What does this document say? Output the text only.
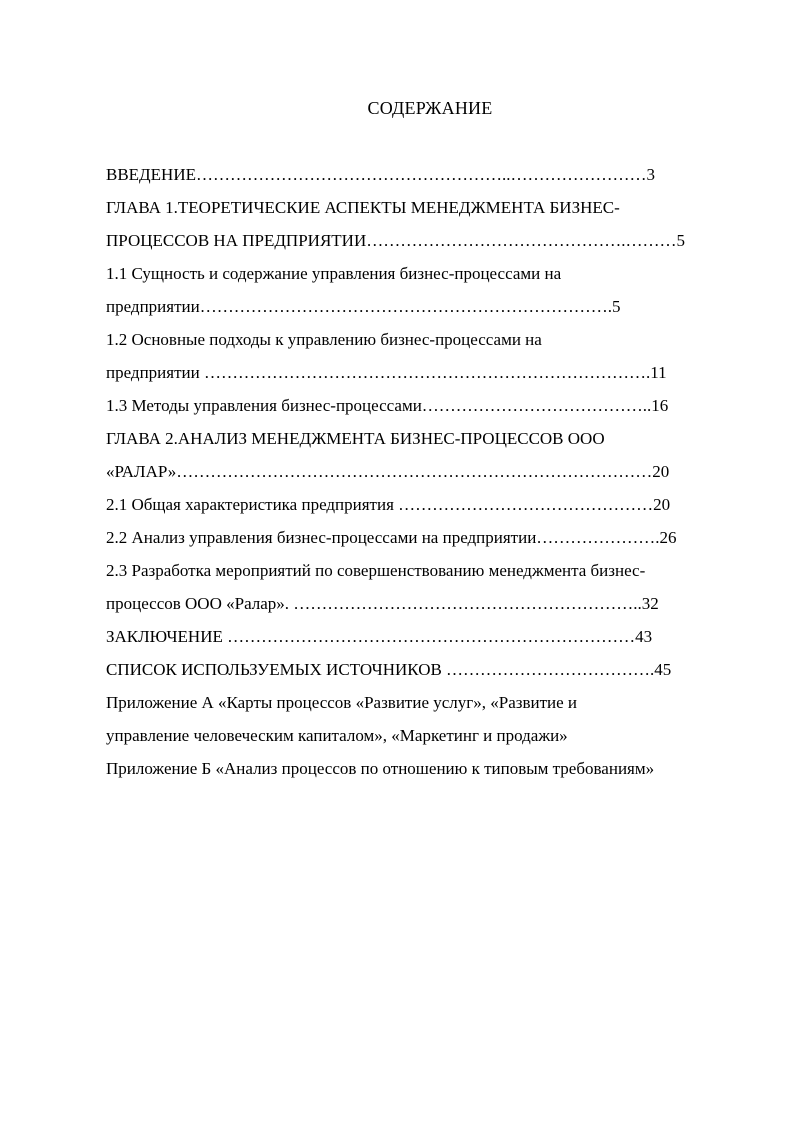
СОДЕРЖАНИЕ
ВВЕДЕНИЕ………………………………………………..……………………3
ГЛАВА 1.ТЕОРЕТИЧЕСКИЕ АСПЕКТЫ МЕНЕДЖМЕНТА БИЗНЕС-
ПРОЦЕССОВ НА ПРЕДПРИЯТИИ……………………………………….………5
1.1 Сущность и содержание управления бизнес-процессами на
предприятии……………………………………………………………….5
1.2 Основные подходы к управлению бизнес-процессами на
предприятии …………………………………………………………………….11
1.3 Методы управления бизнес-процессами…………………………………..16
ГЛАВА 2.АНАЛИЗ МЕНЕДЖМЕНТА БИЗНЕС-ПРОЦЕССОВ ООО
«РАЛАР»…………………………………………………………………………20
2.1 Общая характеристика предприятия ………………………………………20
2.2 Анализ управления бизнес-процессами на предприятии………………….26
2.3 Разработка мероприятий по совершенствованию менеджмента бизнес-
процессов ООО «Ралар». ……………………………………………………..32
ЗАКЛЮЧЕНИЕ ………………………………………………………………43
СПИСОК ИСПОЛЬЗУЕМЫХ ИСТОЧНИКОВ ……………………………….45
Приложение А «Карты процессов «Развитие услуг», «Развитие и
управление человеческим капиталом», «Маркетинг и продажи»
Приложение Б «Анализ процессов по отношению к типовым требованиям»
